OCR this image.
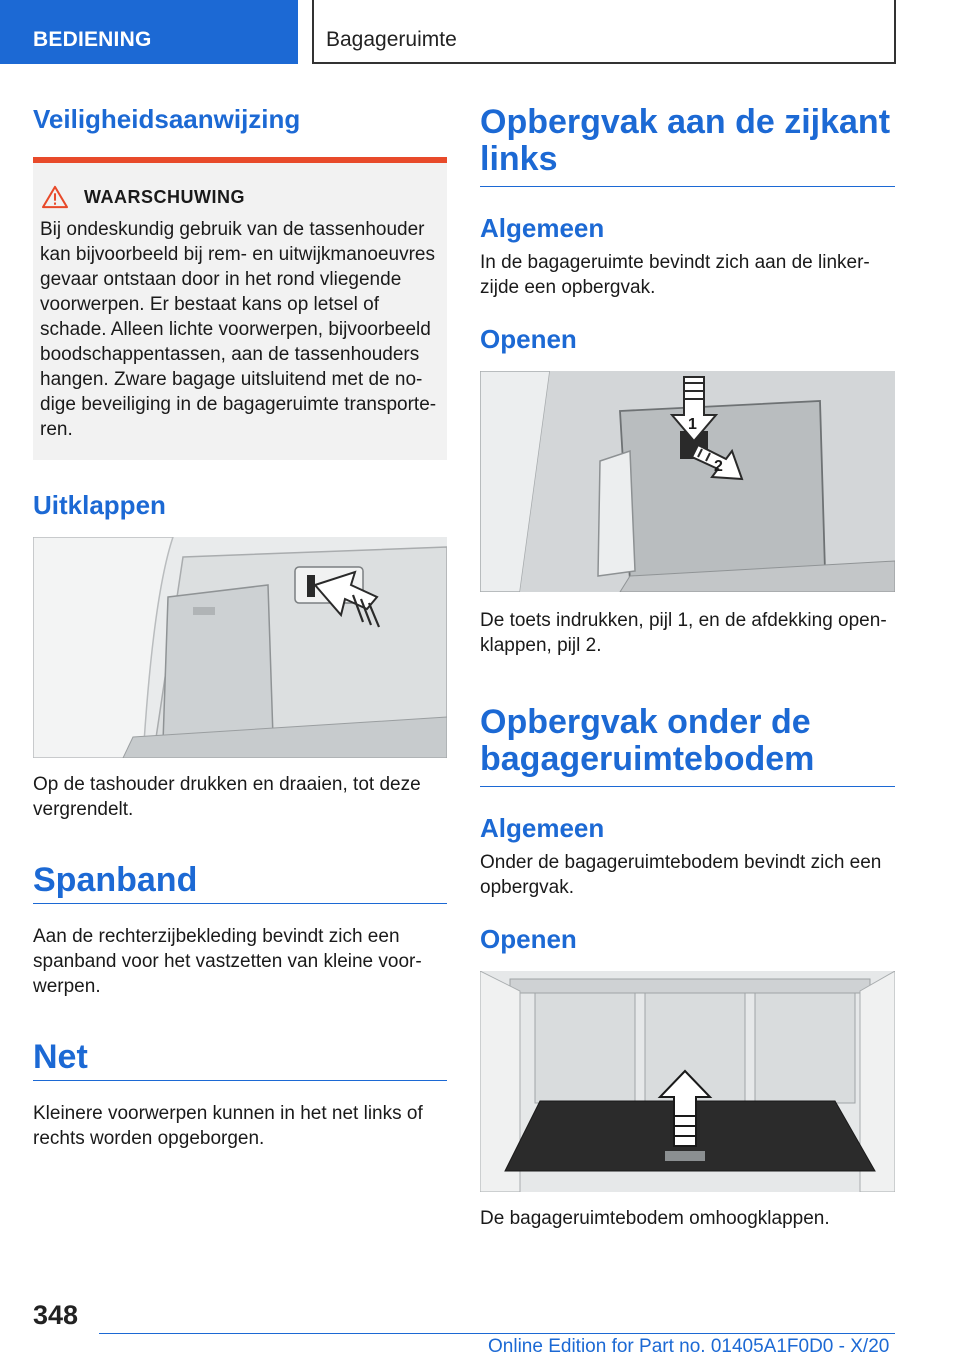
BEDIENING	Bagageruimte
Veiligheidsaanwijzing
WAARSCHUWING
Bij ondeskundig gebruik van de tassenhouder kan bijvoorbeeld bij rem- en uitwijkmanoeuvres gevaar ontstaan door in het rond vliegende voorwerpen. Er bestaat kans op letsel of schade. Alleen lichte voorwerpen, bijvoorbeeld boodschappentassen, aan de tassenhouders hangen. Zware bagage uitsluitend met de no-dige beveiliging in de bagageruimte transporte-ren.
Uitklappen

Op de tashouder drukken en draaien, tot deze vergrendelt.

Spanband

Aan de rechterzijbekleding bevindt zich een spanband voor het vastzetten van kleine voor-werpen.

Net

Kleinere voorwerpen kunnen in het net links of rechts worden opgeborgen.

Opbergvak aan de zijkant links
Algemeen

In de bagageruimte bevindt zich aan de linker-zijde een opbergvak.

Openen
1
2

De toets indrukken, pijl 1, en de afdekking open-klappen, pijl 2.

Opbergvak onder de bagageruimtebodem
Algemeen

Onder de bagageruimtebodem bevindt zich een opbergvak.

Openen

De bagageruimtebodem omhoogklappen.

348
Online Edition for Part no. 01405A1F0D0 - X/20
